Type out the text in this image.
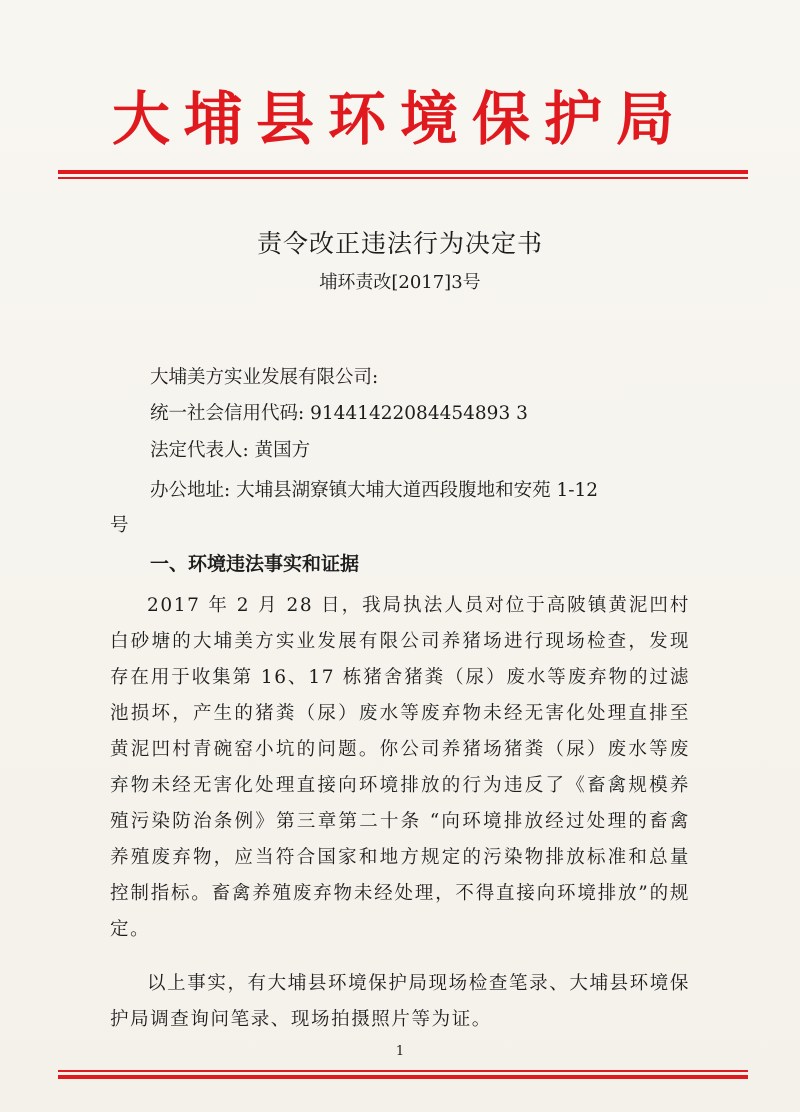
大埔县环境保护局
责令改正违法行为决定书
埔环责改[2017]3号
大埔美方实业发展有限公司:
统一社会信用代码: 91441422084454893 3
法定代表人: 黄国方
办公地址: 大埔县湖寮镇大埔大道西段腹地和安苑 1-12
号
一、环境违法事实和证据
2017 年 2 月 28 日，我局执法人员对位于高陂镇黄泥凹村白砂塘的大埔美方实业发展有限公司养猪场进行现场检查，发现存在用于收集第 16、17 栋猪舍猪粪（尿）废水等废弃物的过滤池损坏，产生的猪粪（尿）废水等废弃物未经无害化处理直排至黄泥凹村青碗窑小坑的问题。你公司养猪场猪粪（尿）废水等废弃物未经无害化处理直接向环境排放的行为违反了《畜禽规模养殖污染防治条例》第三章第二十条 “向环境排放经过处理的畜禽养殖废弃物，应当符合国家和地方规定的污染物排放标准和总量控制指标。畜禽养殖废弃物未经处理，不得直接向环境排放”的规定。
以上事实，有大埔县环境保护局现场检查笔录、大埔县环境保护局调查询问笔录、现场拍摄照片等为证。
1
